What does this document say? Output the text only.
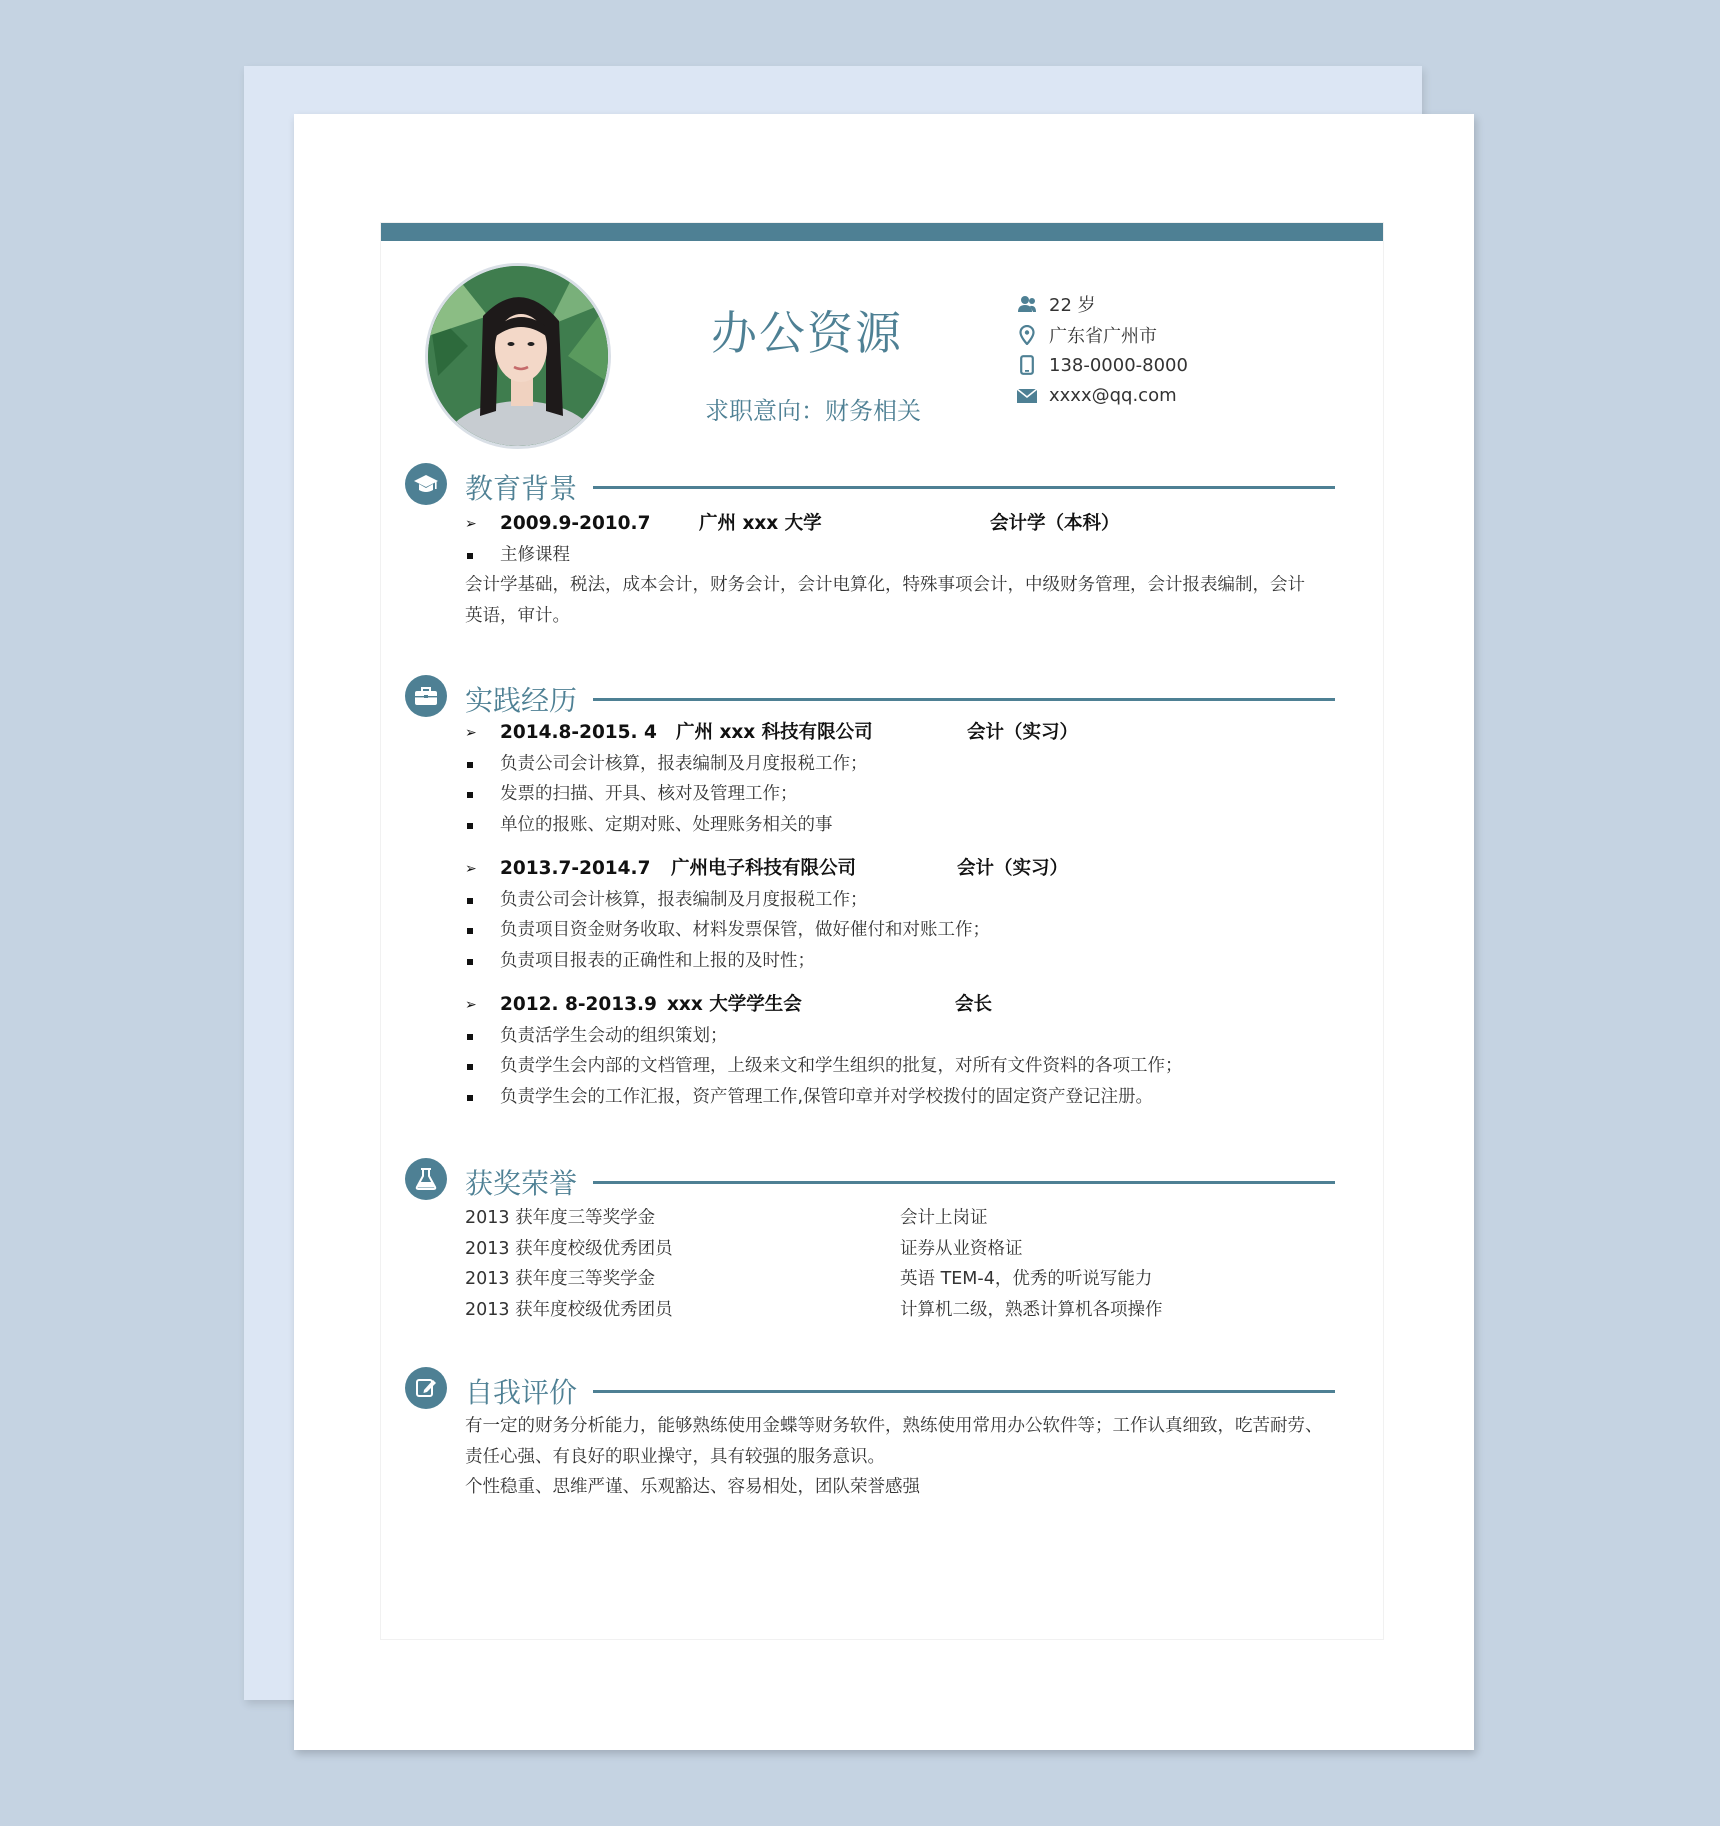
办公资源
求职意向：财务相关
22 岁
广东省广州市
138-0000-8000
xxxx@qq.com
教育背景
➢ 2009.9-2010.7	广州 xxx 大学	会计学（本科）
主修课程
会计学基础，税法，成本会计，财务会计，会计电算化，特殊事项会计，中级财务管理，会计报表编制，会计
英语，审计。
实践经历
➢ 2014.8-2015. 4 广州 xxx 科技有限公司	会计（实习）
负责公司会计核算，报表编制及月度报税工作；
发票的扫描、开具、核对及管理工作；
单位的报账、定期对账、处理账务相关的事
➢ 2013.7-2014.7 广州电子科技有限公司	会计（实习）
负责公司会计核算，报表编制及月度报税工作；
负责项目资金财务收取、材料发票保管，做好催付和对账工作；
负责项目报表的正确性和上报的及时性；
➢ 2012. 8-2013.9 xxx 大学学生会	会长
负责活学生会动的组织策划；
负责学生会内部的文档管理，上级来文和学生组织的批复，对所有文件资料的各项工作；
负责学生会的工作汇报，资产管理工作,保管印章并对学校拨付的固定资产登记注册。
获奖荣誉
2013 获年度三等奖学金	会计上岗证
2013 获年度校级优秀团员	证券从业资格证
2013 获年度三等奖学金	英语 TEM-4，优秀的听说写能力
2013 获年度校级优秀团员	计算机二级，熟悉计算机各项操作
自我评价
有一定的财务分析能力，能够熟练使用金蝶等财务软件，熟练使用常用办公软件等；工作认真细致，吃苦耐劳、
责任心强、有良好的职业操守，具有较强的服务意识。
个性稳重、思维严谨、乐观豁达、容易相处，团队荣誉感强
